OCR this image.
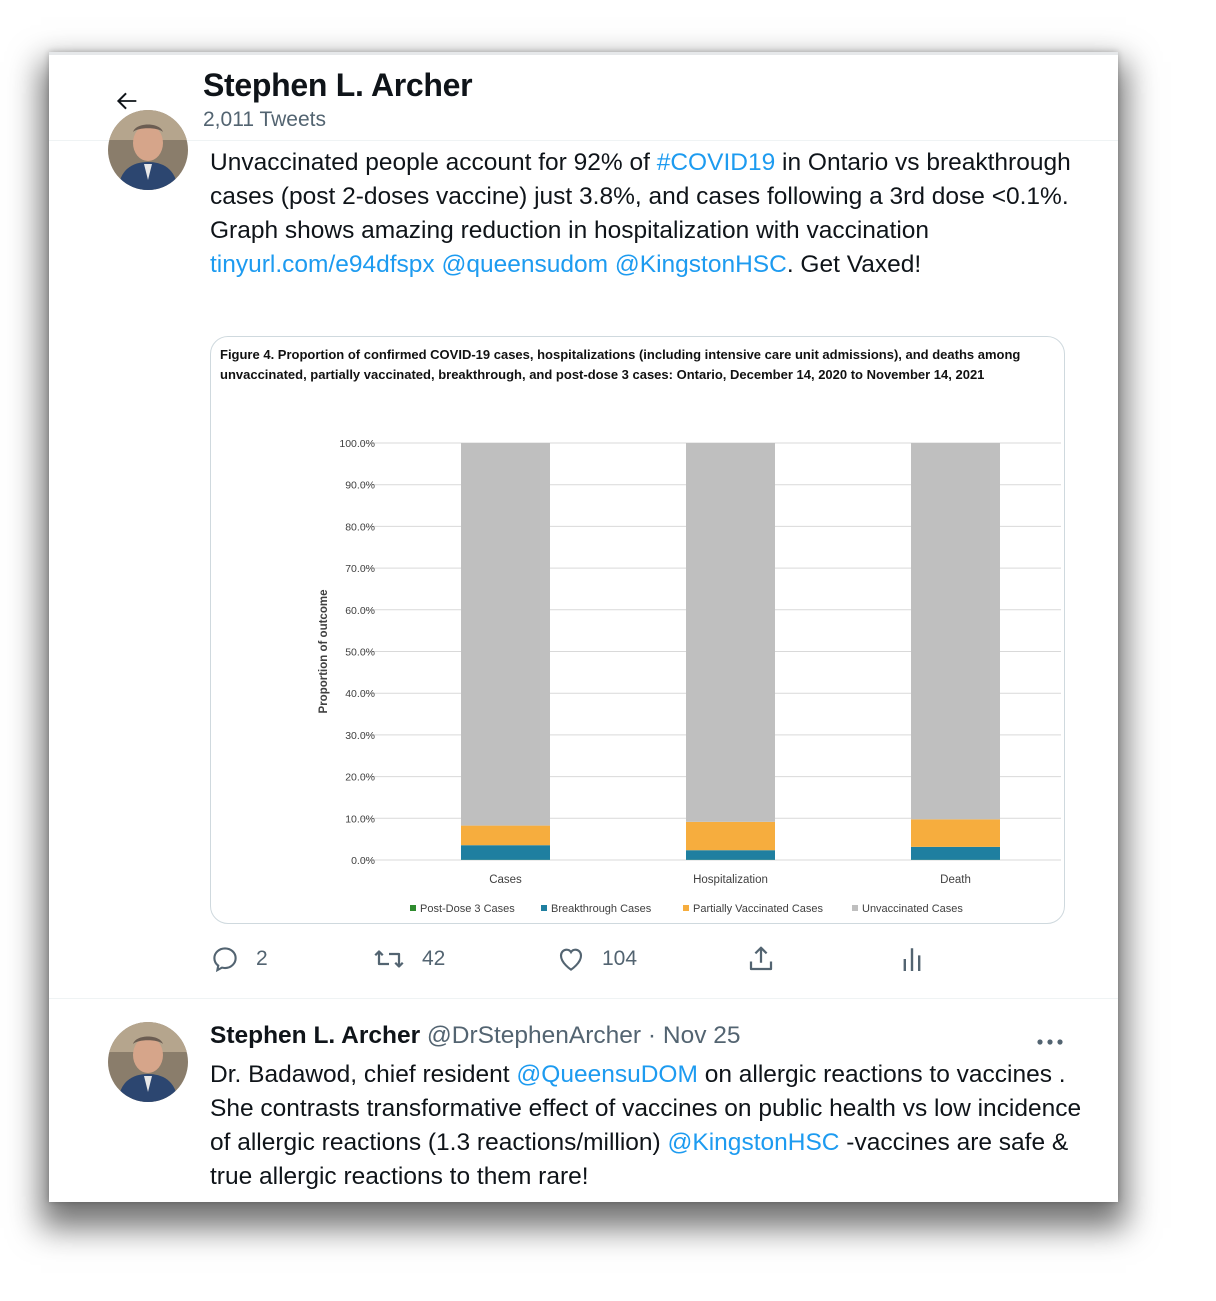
Stephen L. Archer
2,011 Tweets
Unvaccinated people account for 92% of #COVID19 in Ontario vs breakthrough cases (post 2-doses vaccine) just 3.8%, and cases following a 3rd dose <0.1%. Graph shows amazing reduction in hospitalization with vaccination tinyurl.com/e94dfspx @queensudom @KingstonHSC. Get Vaxed!
Figure 4. Proportion of confirmed COVID-19 cases, hospitalizations (including intensive care unit admissions), and deaths among unvaccinated, partially vaccinated, breakthrough, and post-dose 3 cases: Ontario, December 14, 2020 to November 14, 2021
0.0%
10.0%
20.0%
30.0%
40.0%
50.0%
60.0%
70.0%
80.0%
90.0%
100.0%
Proportion of outcome
Cases	Hospitalization	Death
Post-Dose 3 Cases	Breakthrough Cases	Partially Vaccinated Cases	Unvaccinated Cases
2	42	104
Stephen L. Archer @DrStephenArcher · Nov 25
Dr. Badawod, chief resident @QueensuDOM on allergic reactions to vaccines . She contrasts transformative effect of vaccines on public health vs low incidence of allergic reactions (1.3 reactions/million) @KingstonHSC -vaccines are safe & true allergic reactions to them rare!
